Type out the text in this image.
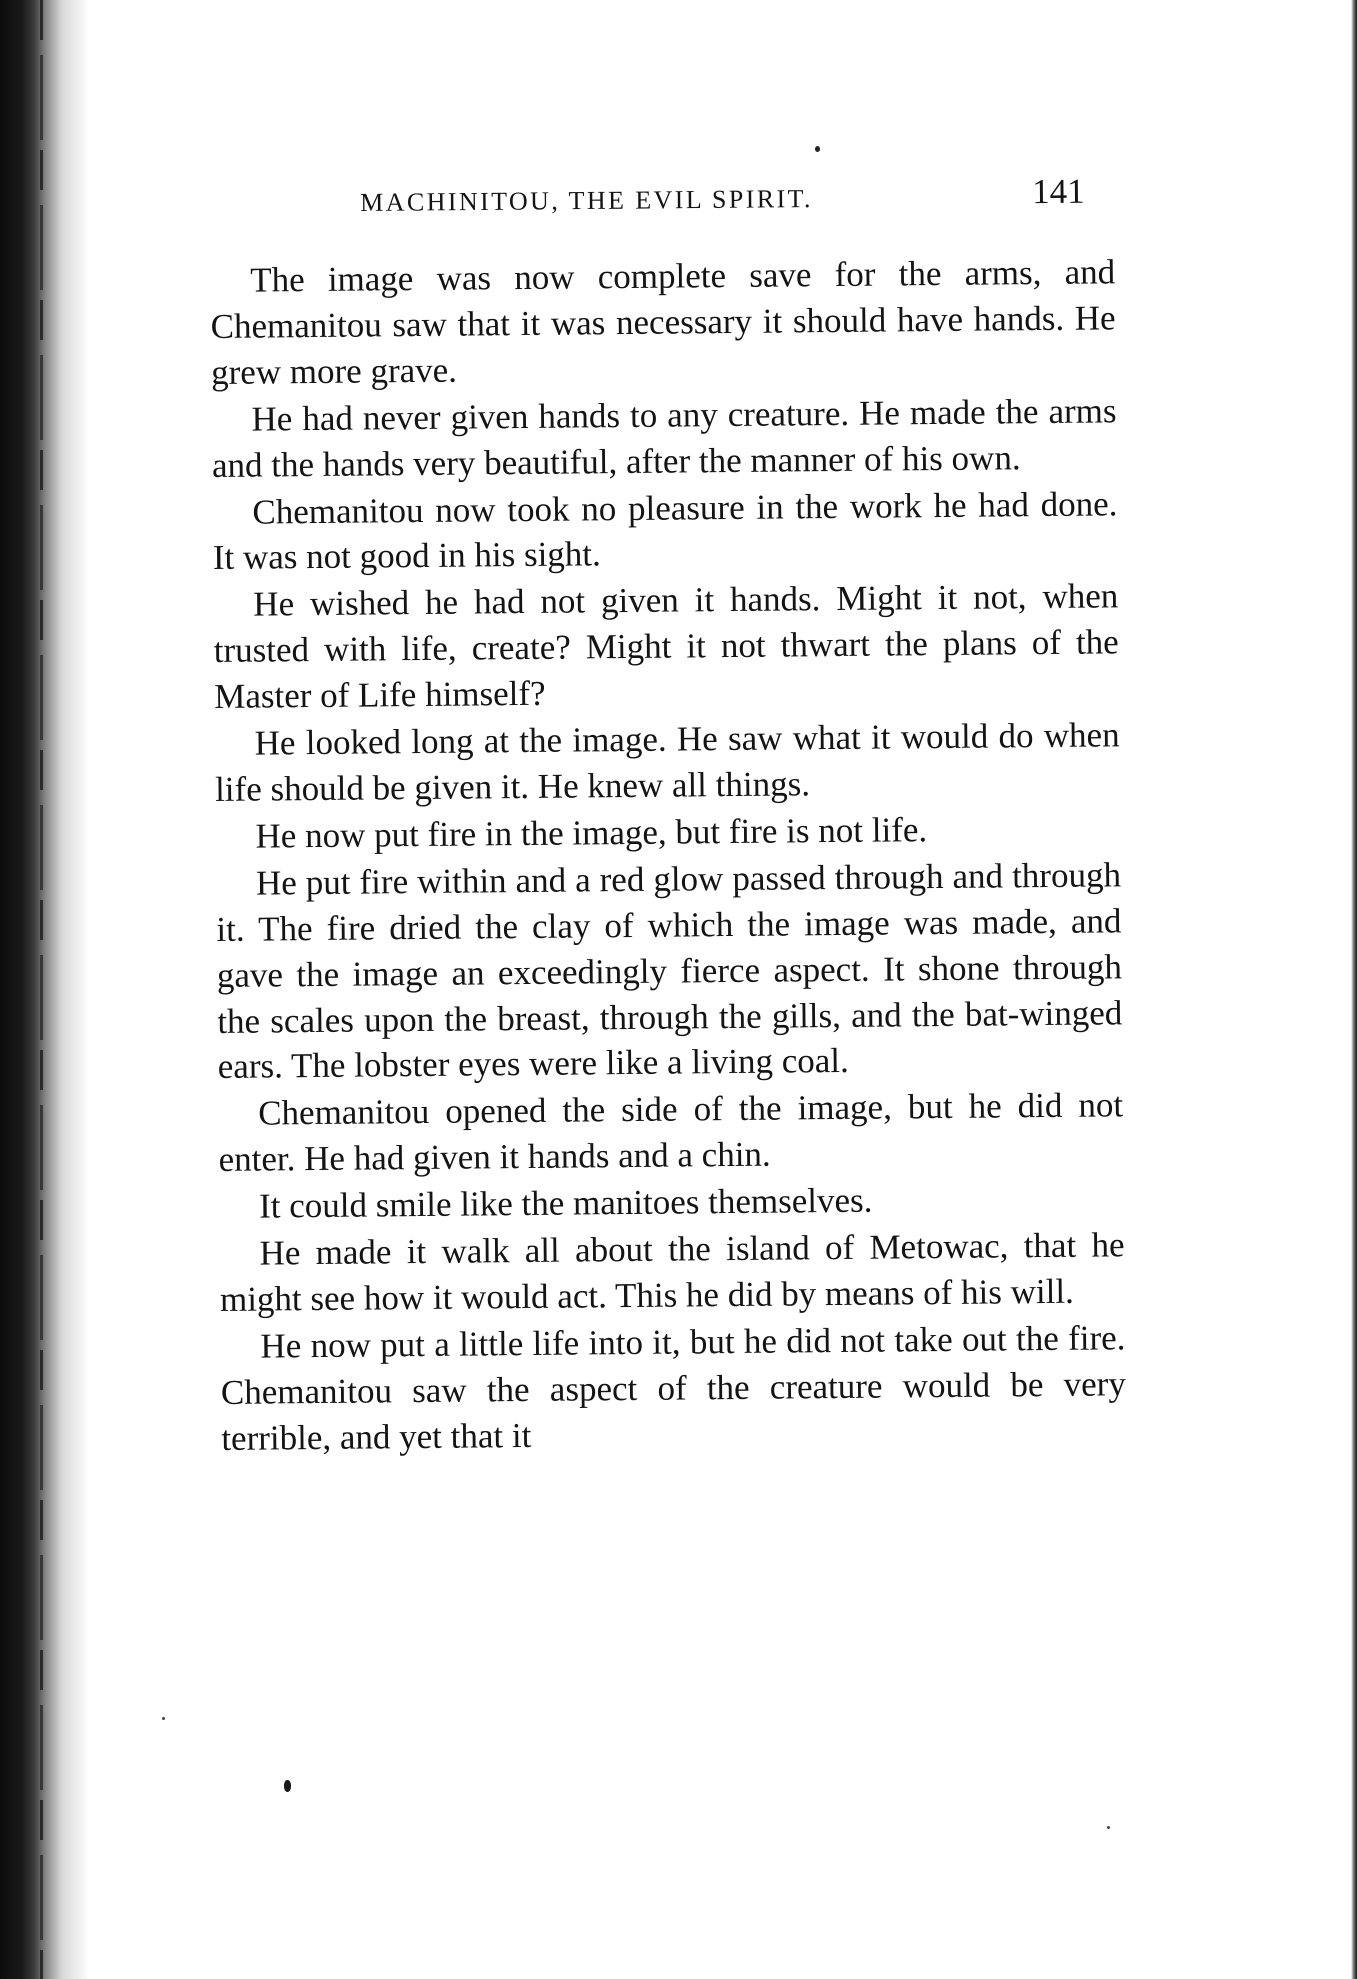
MACHINITOU, THE EVIL SPIRIT.	141

The image was now complete save for the arms, and Chemanitou saw that it was necessary it should have hands. He grew more grave.

He had never given hands to any creature. He made the arms and the hands very beautiful, after the manner of his own.

Chemanitou now took no pleasure in the work he had done. It was not good in his sight.

He wished he had not given it hands. Might it not, when trusted with life, create? Might it not thwart the plans of the Master of Life himself?

He looked long at the image. He saw what it would do when life should be given it. He knew all things.

He now put fire in the image, but fire is not life.

He put fire within and a red glow passed through and through it. The fire dried the clay of which the image was made, and gave the image an exceedingly fierce aspect. It shone through the scales upon the breast, through the gills, and the bat-winged ears. The lobster eyes were like a living coal.

Chemanitou opened the side of the image, but he did not enter. He had given it hands and a chin.

It could smile like the manitoes themselves.

He made it walk all about the island of Metowac, that he might see how it would act. This he did by means of his will.

He now put a little life into it, but he did not take out the fire. Chemanitou saw the aspect of the creature would be very terrible, and yet that it
